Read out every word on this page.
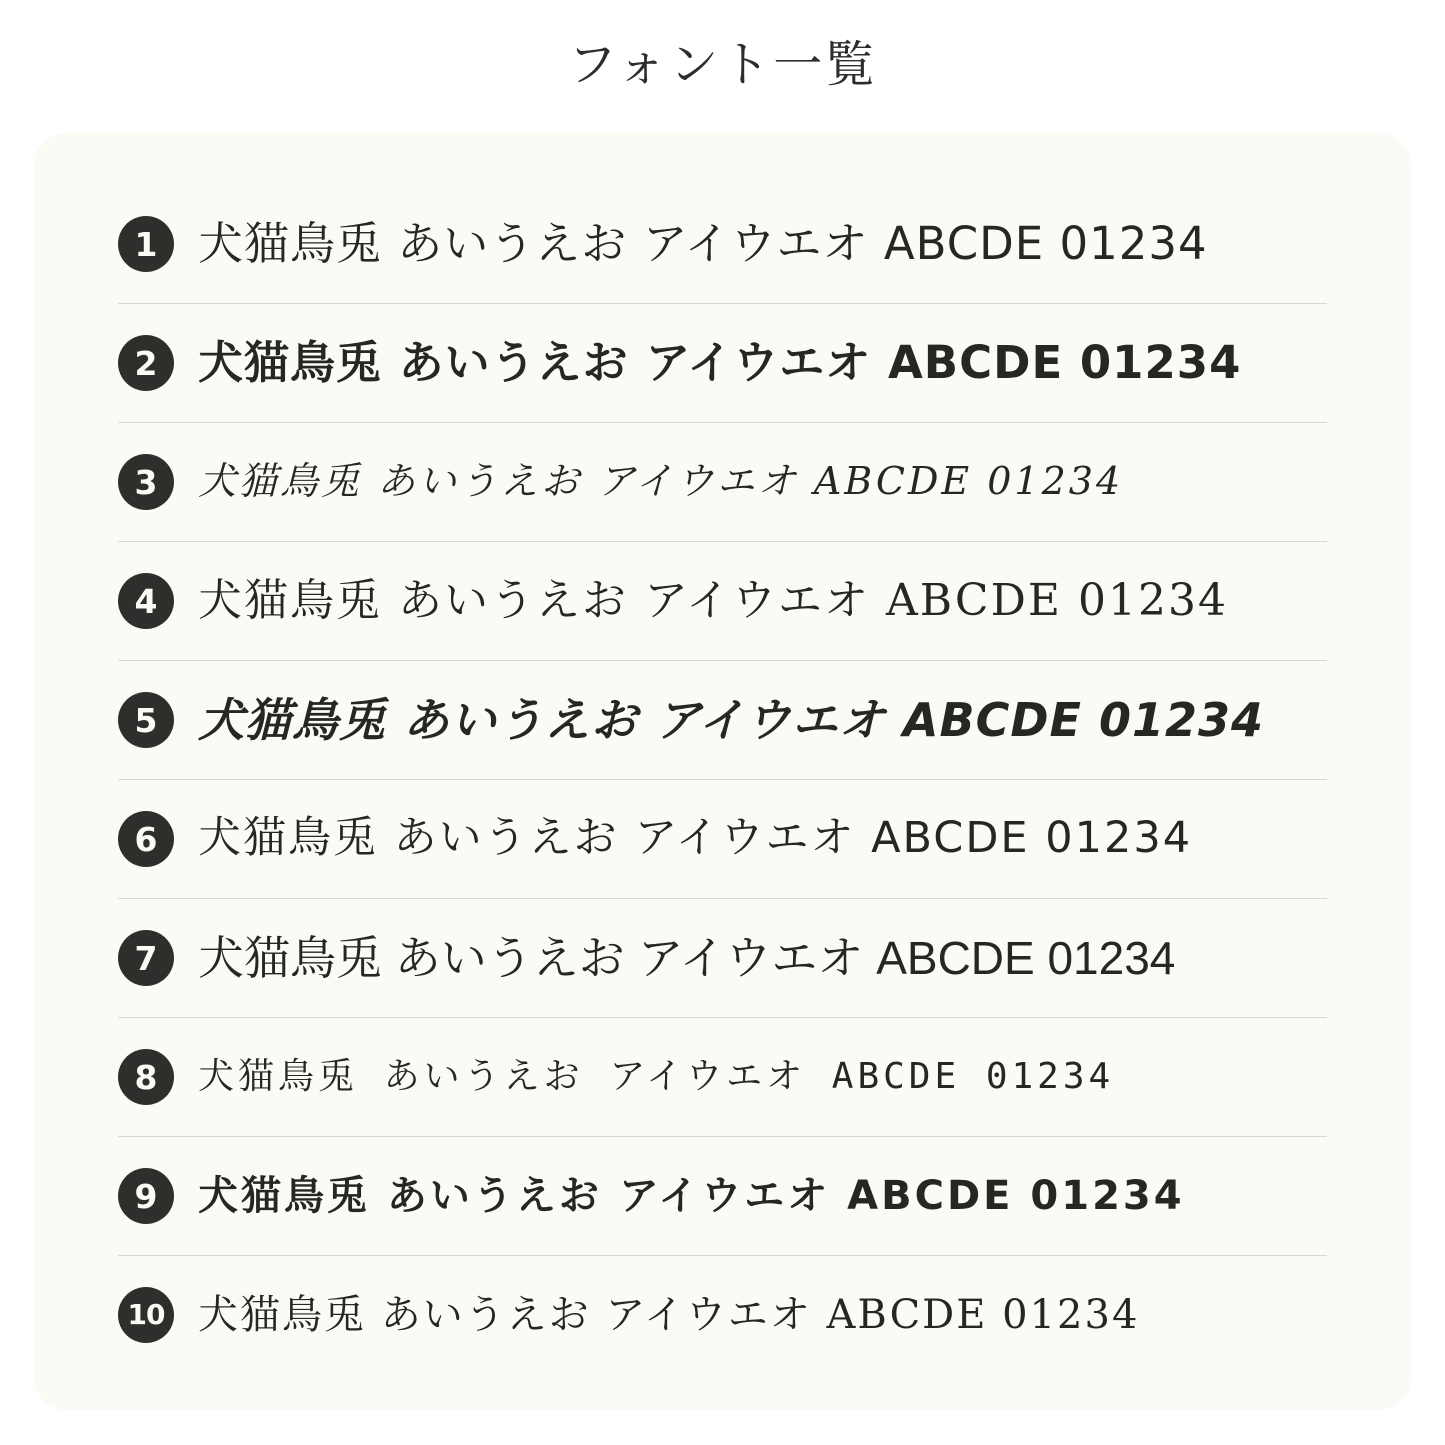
フォント一覧
1 犬猫鳥兎 あいうえお アイウエオ ABCDE 01234
2 犬猫鳥兎 あいうえお アイウエオ ABCDE 01234
3	犬猫鳥兎 あいうえお アイウエオ ABCDE 01234
4 犬猫鳥兎 あいうえお アイウエオ ABCDE 01234
5 犬猫鳥兎 あいうえお アイウエオ ABCDE 01234
6 犬猫鳥兎 あいうえお アイウエオ ABCDE 01234
7 犬猫鳥兎 あいうえお アイウエオ ABCDE 01234
8	犬猫鳥兎 あいうえお アイウエオ ABCDE 01234
9	犬猫鳥兎 あいうえお アイウエオ ABCDE 01234
10 犬猫鳥兎 あいうえお アイウエオ ABCDE 01234
